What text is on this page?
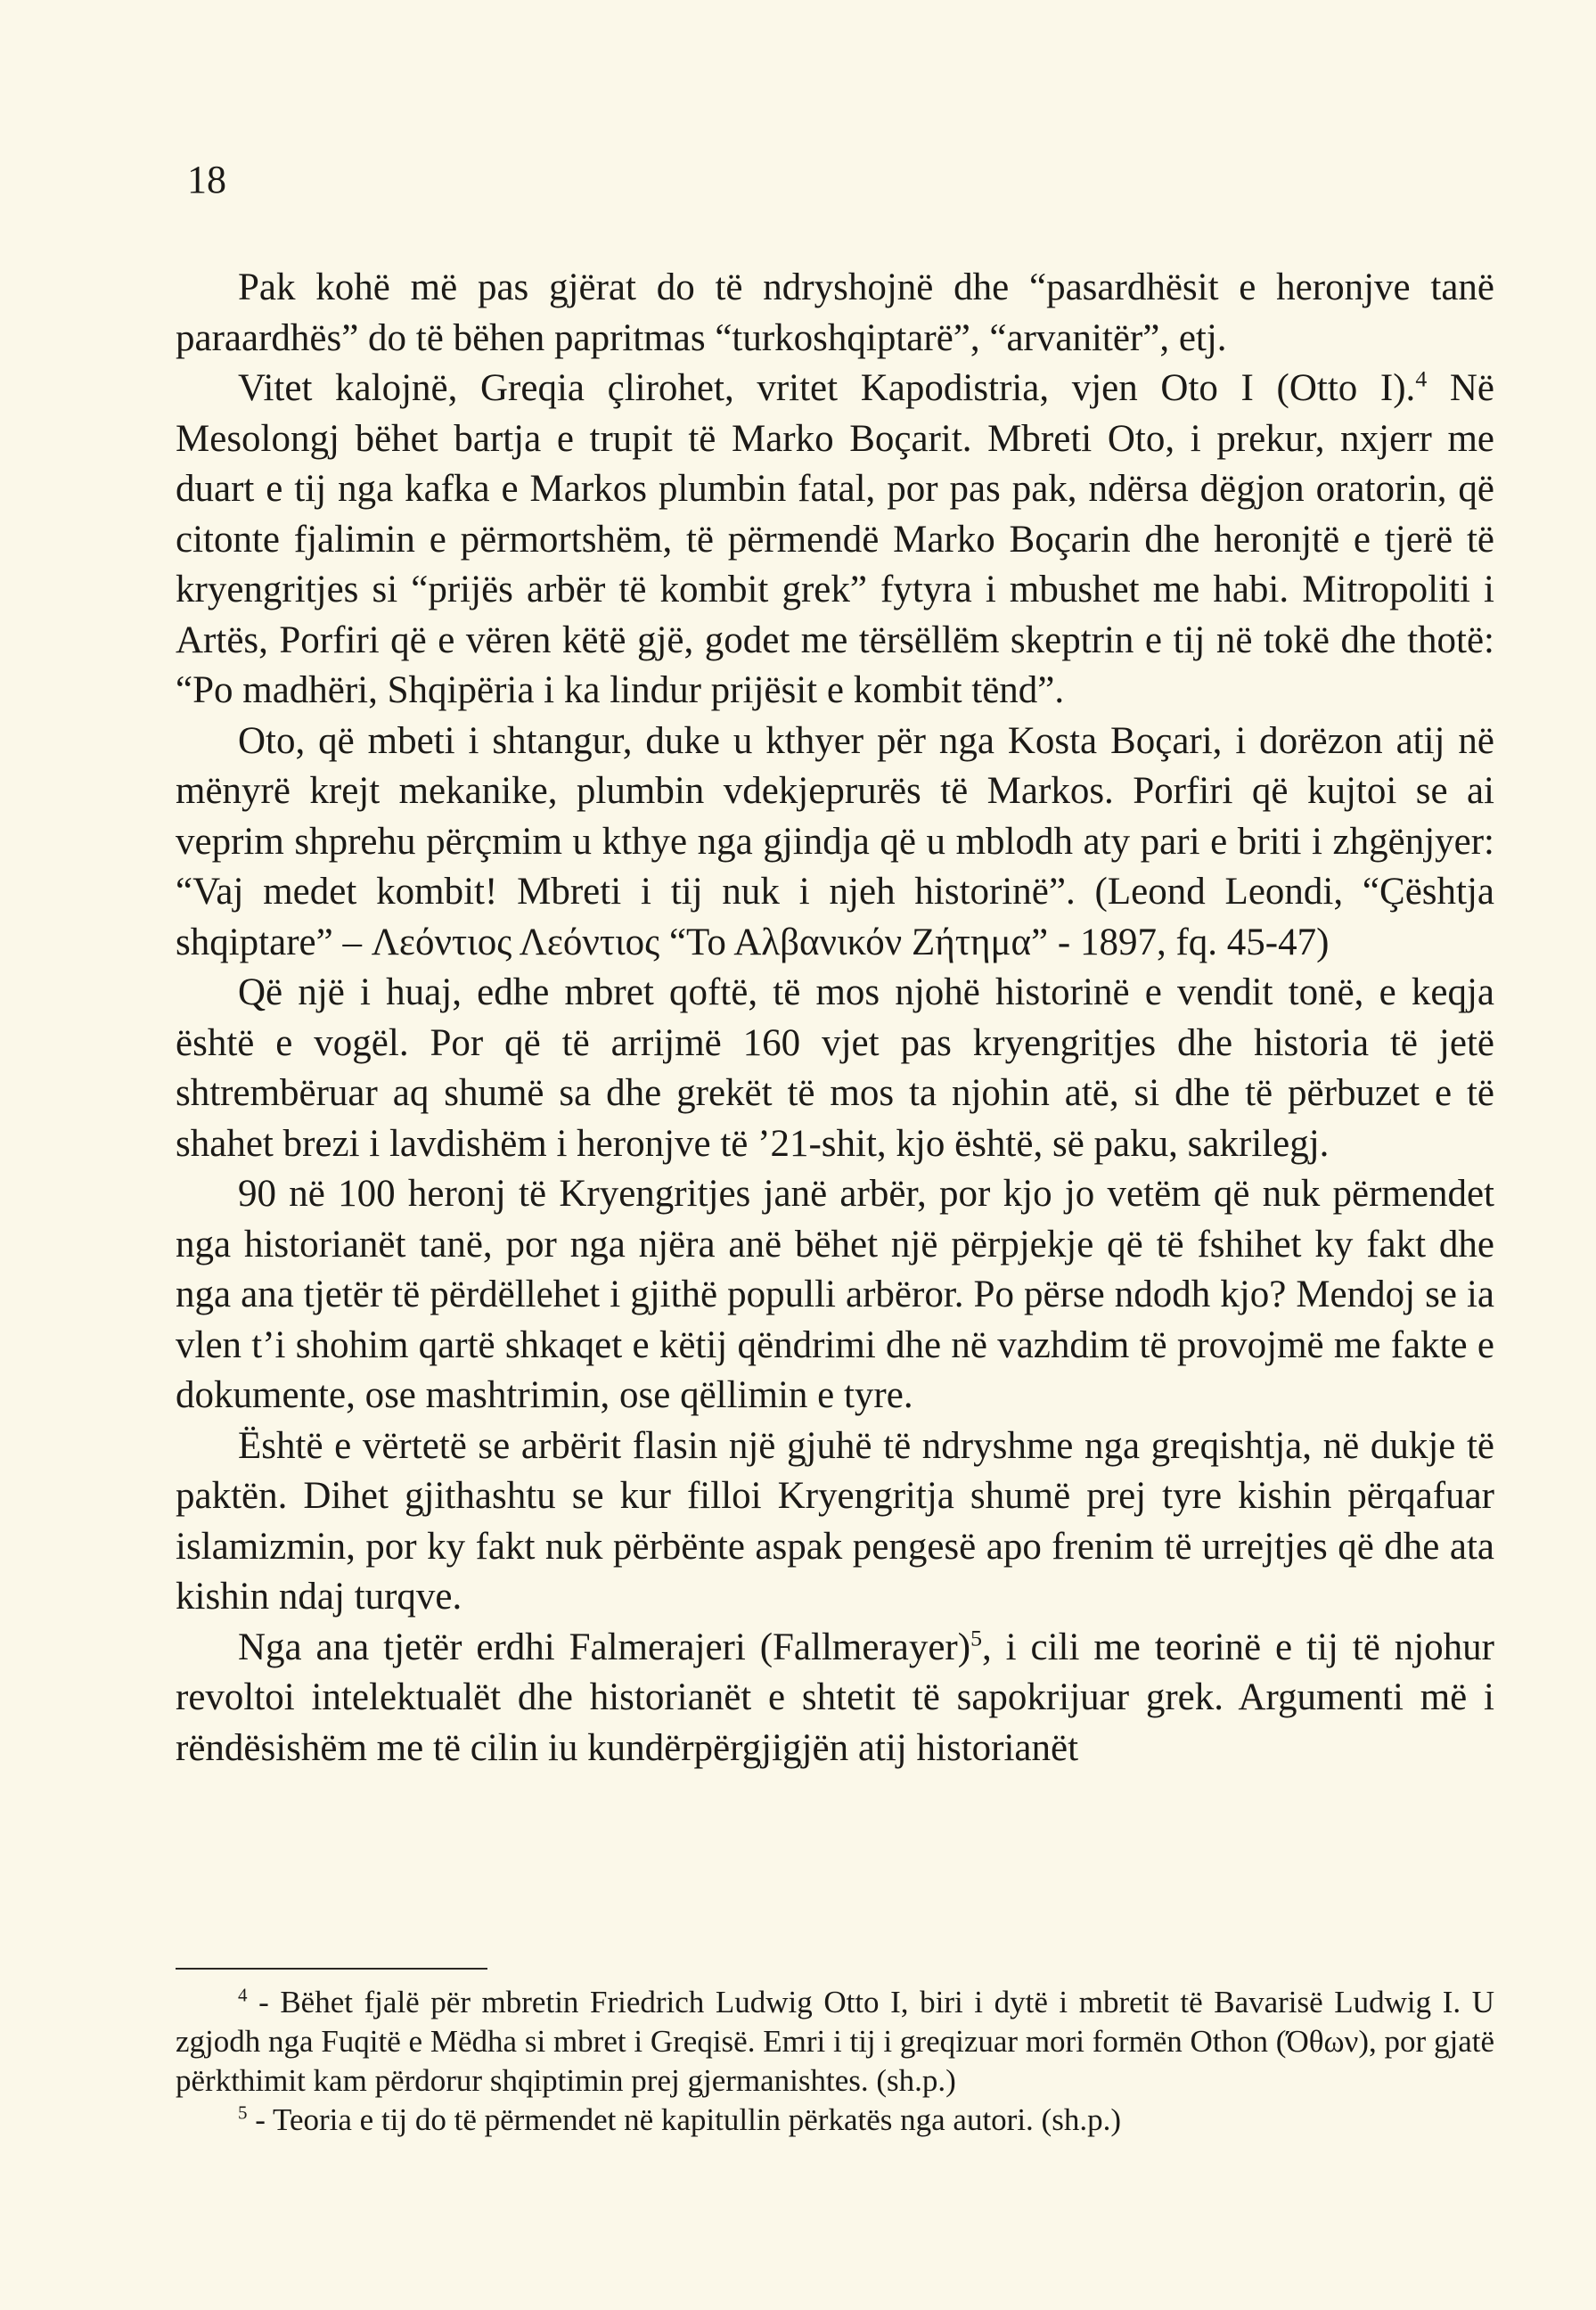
18

Pak kohë më pas gjërat do të ndryshojnë dhe “pasardhësit e heronjve tanë paraardhës” do të bëhen papritmas “turkoshqiptarë”, “arvanitër”, etj.

Vitet kalojnë, Greqia çlirohet, vritet Kapodistria, vjen Oto I (Otto I).$^4$ Në Mesolongj bëhet bartja e trupit të Marko Boçarit. Mbreti Oto, i prekur, nxjerr me duart e tij nga kafka e Markos plumbin fatal, por pas pak, ndërsa dëgjon oratorin, që citonte fjalimin e përmortshëm, të përmendë Marko Boçarin dhe heronjtë e tjerë të kryengritjes si “prijës arbër të kombit grek” fytyra i mbushet me habi. Mitropoliti i Artës, Porfiri që e vëren këtë gjë, godet me tërsëllëm skeptrin e tij në tokë dhe thotë: “Po madhëri, Shqipëria i ka lindur prijësit e kombit tënd”.

Oto, që mbeti i shtangur, duke u kthyer për nga Kosta Boçari, i dorëzon atij në mënyrë krejt mekanike, plumbin vdekjeprurës të Markos. Porfiri që kujtoi se ai veprim shprehu përçmim u kthye nga gjindja që u mblodh aty pari e briti i zhgënjyer: “Vaj medet kombit! Mbreti i tij nuk i njeh historinë”. (Leond Leondi, “Çështja shqiptare” – Λεόντιος Λεόντιος “Το Αλβανικόν Ζήτημα” - 1897, fq. 45-47)

Që një i huaj, edhe mbret qoftë, të mos njohë historinë e vendit tonë, e keqja është e vogël. Por që të arrijmë 160 vjet pas kryengritjes dhe historia të jetë shtrembëruar aq shumë sa dhe grekët të mos ta njohin atë, si dhe të përbuzet e të shahet brezi i lavdishëm i heronjve të ’21-shit, kjo është, së paku, sakrilegj.

90 në 100 heronj të Kryengritjes janë arbër, por kjo jo vetëm që nuk përmendet nga historianët tanë, por nga njëra anë bëhet një përpjekje që të fshihet ky fakt dhe nga ana tjetër të përdëllehet i gjithë populli arbëror. Po përse ndodh kjo? Mendoj se ia vlen t’i shohim qartë shkaqet e këtij qëndrimi dhe në vazhdim të provojmë me fakte e dokumente, ose mashtrimin, ose qëllimin e tyre.

Është e vërtetë se arbërit flasin një gjuhë të ndryshme nga greqishtja, në dukje të paktën. Dihet gjithashtu se kur filloi Kryengritja shumë prej tyre kishin përqafuar islamizmin, por ky fakt nuk përbënte aspak pengesë apo frenim të urrejtjes që dhe ata kishin ndaj turqve.

Nga ana tjetër erdhi Falmerajeri (Fallmerayer)$^5$, i cili me teorinë e tij të njohur revoltoi intelektualët dhe historianët e shtetit të sapokrijuar grek. Argumenti më i rëndësishëm me të cilin iu kundërpërgjigjën atij historianët

$^4$ - Bëhet fjalë për mbretin Friedrich Ludwig Otto I, biri i dytë i mbretit të Bavarisë Ludwig I. U zgjodh nga Fuqitë e Mëdha si mbret i Greqisë. Emri i tij i greqizuar mori formën Othon (Όθων), por gjatë përkthimit kam përdorur shqiptimin prej gjermanishtes. (sh.p.)

$^5$ - Teoria e tij do të përmendet në kapitullin përkatës nga autori. (sh.p.)
